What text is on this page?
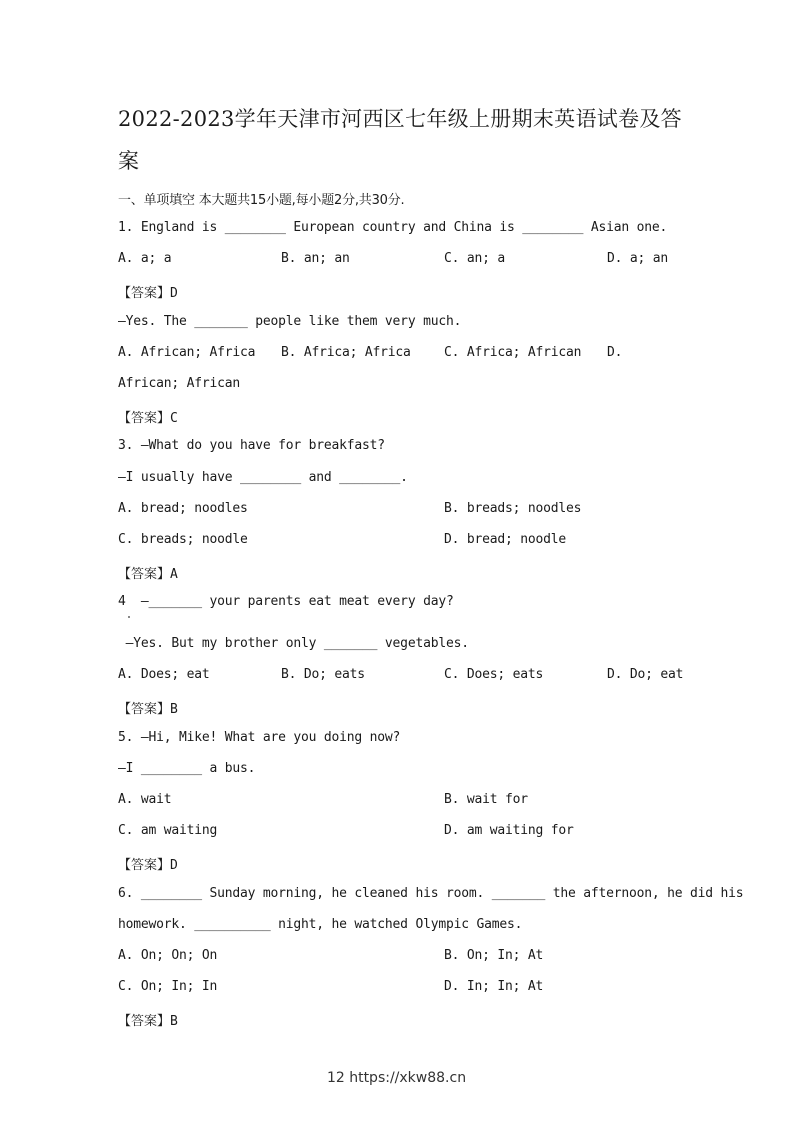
2022-2023学年天津市河西区七年级上册期末英语试卷及答案
一、单项填空 本大题共15小题,每小题2分,共30分.
1. England is ________ European country and China is ________ Asian one.
A. a; a	B. an; an	C. an; a	D. a; an
【答案】D
—Yes. The _______ people like them very much.
A. African; Africa B. Africa; Africa	C. Africa; African D.
African; African
【答案】C
3. —What do you have for breakfast?
—I usually have ________ and ________.
A. bread; noodles	B. breads; noodles
C. breads; noodle	D. bread; noodle
【答案】A
4  —_______ your parents eat meat every day?
—Yes. But my brother only _______ vegetables.
A. Does; eat	B. Do; eats	C. Does; eats	D. Do; eat
【答案】B
5. —Hi, Mike! What are you doing now?
—I ________ a bus.
A. wait	B. wait for
C. am waiting	D. am waiting for
【答案】D
6. ________ Sunday morning, he cleaned his room. _______ the afternoon, he did his
homework. __________ night, he watched Olympic Games.
A. On; On; On	B. On; In; At
C. On; In; In	D. In; In; At
【答案】B
12 https://xkw88.cn
